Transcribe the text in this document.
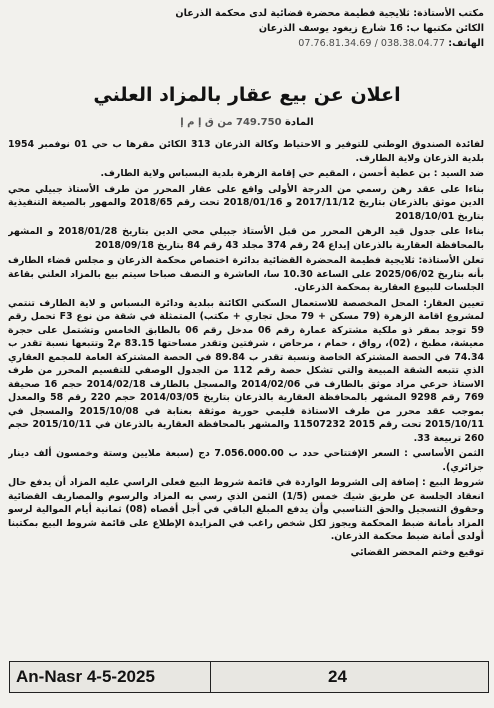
مكتب الأستاذة: ثلايجية فطيمة محضرة قضائية لدى محكمة الذرعان
الكائن مكتبها ب: 16 شارع زيغود يوسف الذرعان
الهاتف: 038.38.04.77 / 07.76.81.34.69
اعلان عن بيع عقار بالمزاد العلني
المادة 749.750 من ق إ م إ

لفائدة الصندوق الوطني للتوفير و الاحتياط وكالة الذرعان 313 الكائن مقرها ب حي 01 نوفمبر 1954 بلدية الذرعان ولاية الطارف.

ضد السيد : بن عطية أحسن ، المقيم حي إقامة الزهرة بلدية البسباس ولاية الطارف.

بناءا على عقد رهن رسمي من الدرجة الأولى واقع على عقار المحرر من طرف الأستاذ جبيلي محي الدين موثق بالذرعان بتاريخ 2017/11/12 و 2018/01/16 تحت رقم 2018/65 والمهور بالصيغة التنفيذية بتاريخ 2018/10/01

بناءا على جدول قيد الرهن المحرر من قبل الأستاذ جبيلي محي الدين بتاريخ 2018/01/28 و المشهر بالمحافظة العقارية بالذرعان إيداع 24 رقم 374 مجلد 43 رقم 84 بتاريخ 2018/09/18

تعلن الأستاذة: ثلايجية فطيمة المحضرة القضائية بدائرة اختصاص محكمة الذرعان و مجلس قضاء الطارف بأنه بتاريخ 2025/06/02 على الساعة 10.30 سا، العاشرة و النصف صباحا سيتم بيع بالمزاد العلني بقاعة الجلسات للبيوع العقارية بمحكمة الذرعان.

تعيين العقار: المحل المخصصة للاستعمال السكني الكائنة ببلدية ودائرة البسباس و لاية الطارف تنتمي لمشروع اقامة الزهرة (79 مسكن + 79 محل تجاري + مكتب) المتمثلة في شقة من نوع F3 تحمل رقم 59 توجد بمقر ذو ملكية مشتركة عمارة رقم 06 مدخل رقم 06 بالطابق الخامس وتشتمل على حجرة معيشة، مطبخ ، (02)، رواق ، حمام ، مرحاض ، شرفتين وتقدر مساحتها 83.15 م2 وتتبعها نسبة تقدر ب 74.34 في الحصة المشتركة الخاصة ونسبة تقدر ب 89.84 في الحصة المشتركة العامة للمجمع العقاري الذي تتبعه الشقة المبيعة والتي تشكل حصة رقم 112 من الجدول الوصفي للتقسيم المحرر من طرف الاستاذ حرعي مراد موثق بالطارف في 2014/02/06 والمسجل بالطارف 2014/02/18 حجم 16 صحيفة 769 رقم 9298 المشهر بالمحافظة العقارية بالذرعان بتاريخ 2014/03/05 حجم 220 رقم 58 والمعدل بموجب عقد محرر من طرف الاستاذة فليمي حورية موثقة بعنابة في 2015/10/08 والمسجل في 2015/10/11 تحت رقم 2015 11507232 والمشهر بالمحافظة العقارية بالذرعان في 2015/10/11 حجم 260 تربيعة 33.

الثمن الأساسي : السعر الإفتتاحي حدد ب 7.056.000.00 دج (سبعة ملايين وستة وخمسون ألف دينار جزائري).

شروط البيع : إضافة إلى الشروط الواردة في قائمة شروط البيع فعلى الراسي عليه المزاد أن يدفع حال انعقاد الجلسة عن طريق شيك خمس (1/5) الثمن الذي رسي به المزاد والرسوم والمصاريف القضائية وحقوق التسجيل والحق التناسبي وأن يدفع المبلغ الباقي في أجل أقصاه (08) ثمانية أيام الموالية لرسو المزاد بأمانة ضبط المحكمة ويجوز لكل شخص راغب في المزايدة الإطلاع على قائمة شروط البيع بمكتبنا أولدى أمانة ضبط محكمة الذرعان.

توقيع وختم المحضر القضائي

An-Nasr 4-5-2025	24
